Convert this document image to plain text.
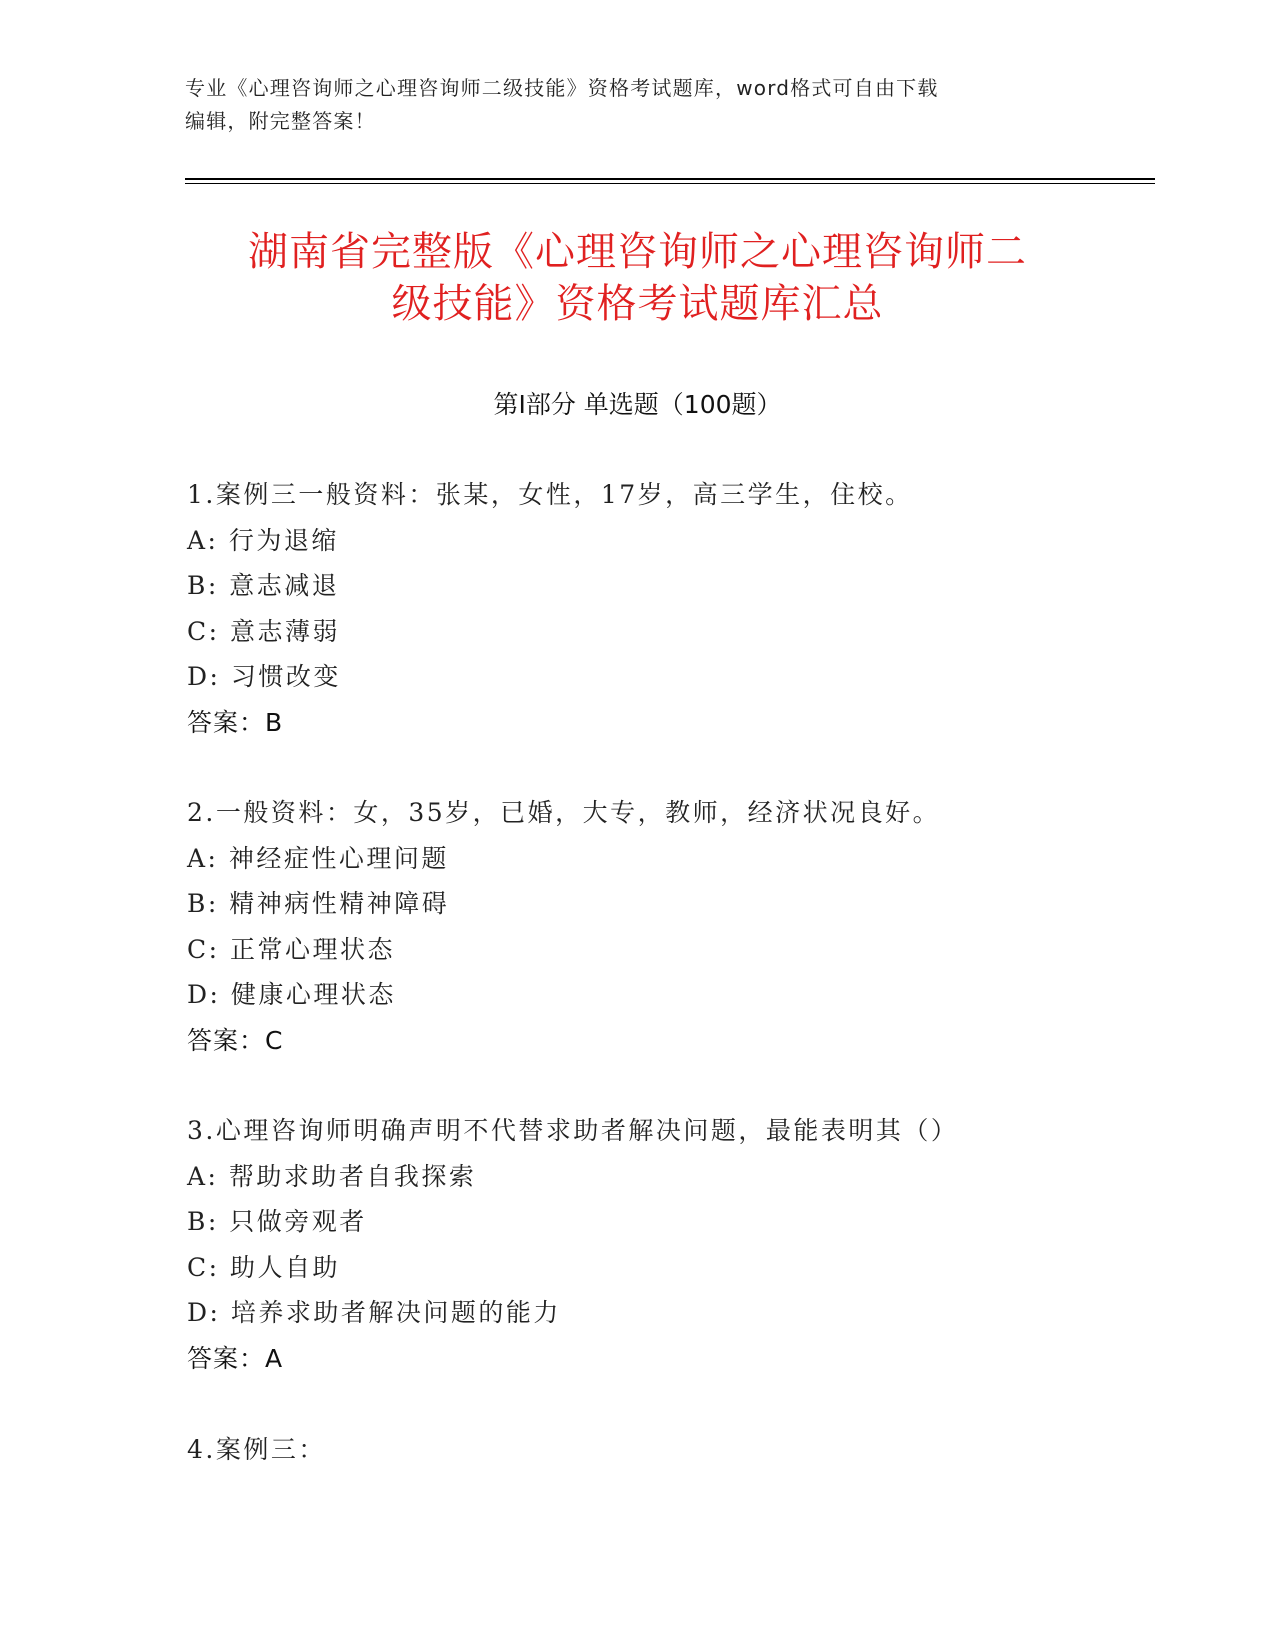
专业《心理咨询师之心理咨询师二级技能》资格考试题库，word格式可自由下载
编辑，附完整答案！
湖南省完整版《心理咨询师之心理咨询师二
级技能》资格考试题库汇总
第Ⅰ部分 单选题（100题）
1.案例三一般资料：张某，女性，17岁，高三学生，住校。
A: 行为退缩
B: 意志减退
C: 意志薄弱
D: 习惯改变
答案：B
2.一般资料：女，35岁，已婚，大专，教师，经济状况良好。
A: 神经症性心理问题
B: 精神病性精神障碍
C: 正常心理状态
D: 健康心理状态
答案：C
3.心理咨询师明确声明不代替求助者解决问题，最能表明其（）
A: 帮助求助者自我探索
B: 只做旁观者
C: 助人自助
D: 培养求助者解决问题的能力
答案：A
4.案例三：
